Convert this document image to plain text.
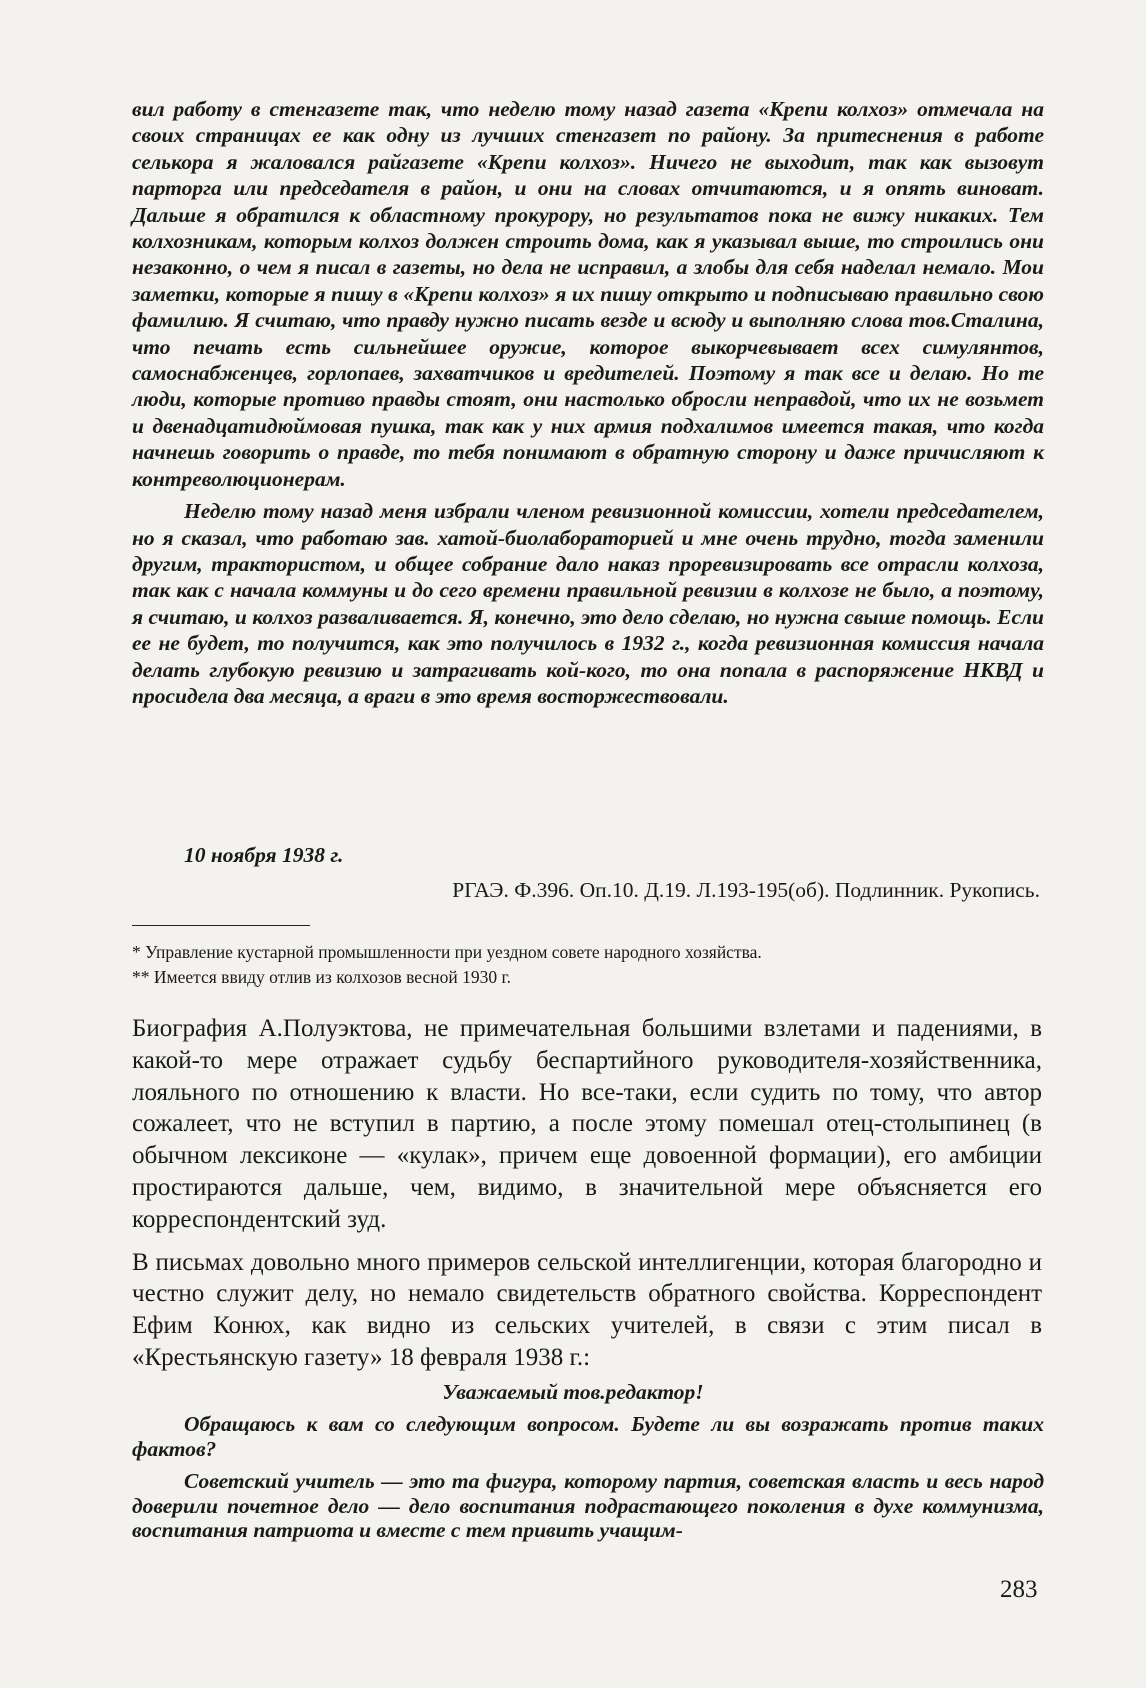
вил работу в стенгазете так, что неделю тому назад газета «Крепи колхоз» отмечала на своих страницах ее как одну из лучших стенгазет по району. За притеснения в работе селькора я жаловался райгазете «Крепи колхоз». Ничего не выходит, так как вызовут парторга или председателя в район, и они на словах отчитаются, и я опять виноват. Дальше я обратился к областному прокурору, но результатов пока не вижу никаких. Тем колхозникам, которым колхоз должен строить дома, как я указывал выше, то строились они незаконно, о чем я писал в газеты, но дела не исправил, а злобы для себя наделал немало. Мои заметки, которые я пишу в «Крепи колхоз» я их пишу открыто и подписываю правильно свою фамилию. Я считаю, что правду нужно писать везде и всюду и выполняю слова тов.Сталина, что печать есть сильнейшее оружие, которое выкорчевывает всех симулянтов, самоснабженцев, горлопаев, захватчиков и вредителей. Поэтому я так все и делаю. Но те люди, которые противо правды стоят, они настолько обросли неправдой, что их не возьмет и двенадцатидюймовая пушка, так как у них армия подхалимов имеется такая, что когда начнешь говорить о правде, то тебя понимают в обратную сторону и даже причисляют к контреволюционерам.

Неделю тому назад меня избрали членом ревизионной комиссии, хотели председателем, но я сказал, что работаю зав. хатой-биолабораторией и мне очень трудно, тогда заменили другим, трактористом, и общее собрание дало наказ проревизировать все отрасли колхоза, так как с начала коммуны и до сего времени правильной ревизии в колхозе не было, а поэтому, я считаю, и колхоз разваливается. Я, конечно, это дело сделаю, но нужна свыше помощь. Если ее не будет, то получится, как это получилось в 1932 г., когда ревизионная комиссия начала делать глубокую ревизию и затрагивать кой-кого, то она попала в распоряжение НКВД и просидела два месяца, а враги в это время восторжествовали.

10 ноября 1938 г.
РГАЭ. Ф.396. Оп.10. Д.19. Л.193-195(об). Подлинник. Рукопись.
* Управление кустарной промышленности при уездном совете народного хозяйства.
** Имеется ввиду отлив из колхозов весной 1930 г.

Биография А.Полуэктова, не примечательная большими взлетами и падениями, в какой-то мере отражает судьбу беспартийного руководителя-хозяйственника, лояльного по отношению к власти. Но все-таки, если судить по тому, что автор сожалеет, что не вступил в партию, а после этому помешал отец-столыпинец (в обычном лексиконе — «кулак», причем еще довоенной формации), его амбиции простираются дальше, чем, видимо, в значительной мере объясняется его корреспондентский зуд.

В письмах довольно много примеров сельской интеллигенции, которая благородно и честно служит делу, но немало свидетельств обратного свойства. Корреспондент Ефим Конюх, как видно из сельских учителей, в связи с этим писал в «Крестьянскую газету» 18 февраля 1938 г.:

Уважаемый тов.редактор!

Обращаюсь к вам со следующим вопросом. Будете ли вы возражать против таких фактов?

Советский учитель — это та фигура, которому партия, советская власть и весь народ доверили почетное дело — дело воспитания подрастающего поколения в духе коммунизма, воспитания патриота и вместе с тем привить учащим-

283
